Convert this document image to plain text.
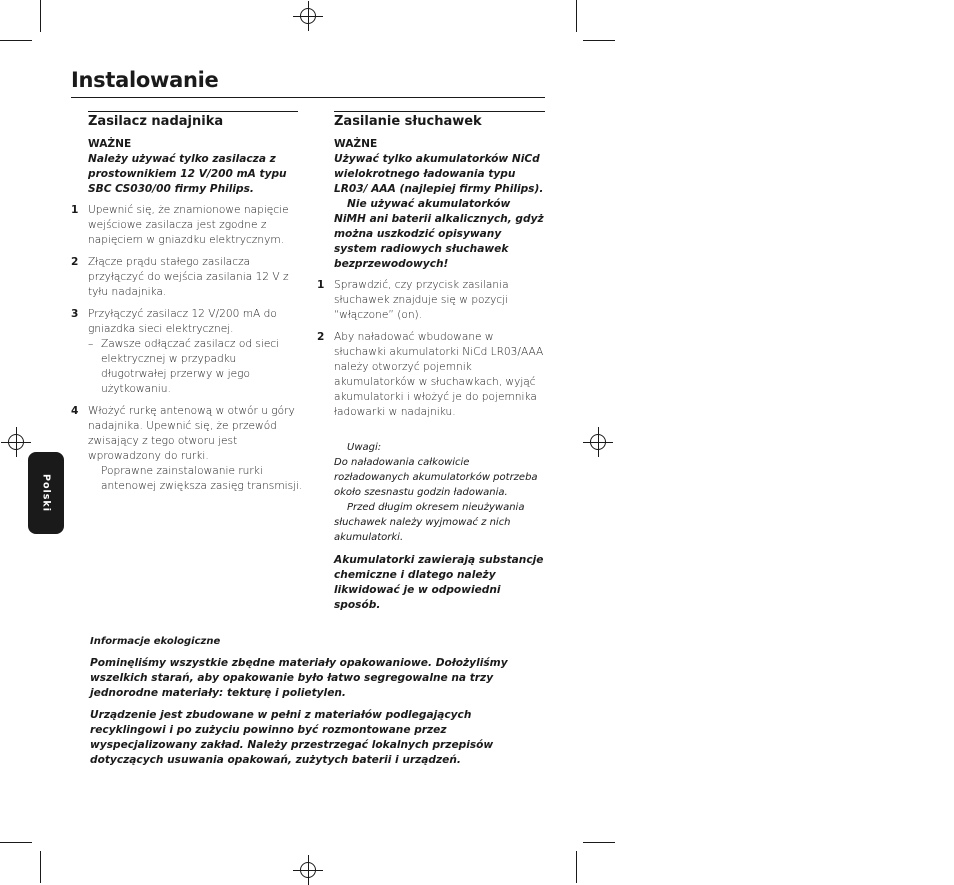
Instalowanie
Zasilacz nadajnika

WAŻNE

Należy używać tylko zasilacza z prostownikiem 12 V/200 mA typu SBC CS030/00 firmy Philips.

1 Upewnić się, że znamionowe napięcie wejściowe zasilacza jest zgodne z napięciem w gniazdku elektrycznym.
2 Złącze prądu stałego zasilacza przyłączyć do wejścia zasilania 12 V z tyłu nadajnika.
3 Przyłączyć zasilacz 12 V/200 mA do gniazdka sieci elektrycznej.
– Zawsze odłączać zasilacz od sieci elektrycznej w przypadku długotrwałej przerwy w jego użytkowaniu.
4 Włożyć rurkę antenową w otwór u góry nadajnika. Upewnić się, że przewód zwisający z tego otworu jest wprowadzony do rurki.

Poprawne zainstalowanie rurki antenowej zwiększa zasięg transmisji.

Zasilanie słuchawek

WAŻNE

Używać tylko akumulatorków NiCd wielokrotnego ładowania typu LR03/ AAA (najlepiej firmy Philips).

Nie używać akumulatorków NiMH ani baterii alkalicznych, gdyż można uszkodzić opisywany system radiowych słuchawek bezprzewodowych!

1 Sprawdzić, czy przycisk zasilania słuchawek znajduje się w pozycji “włączone” (on).
2 Aby naładować wbudowane w słuchawki akumulatorki NiCd LR03/AAA należy otworzyć pojemnik akumulatorków w słuchawkach, wyjąć akumulatorki i włożyć je do pojemnika ładowarki w nadajniku.

Uwagi:

Do naładowania całkowicie rozładowanych akumulatorków potrzeba około szesnastu godzin ładowania.

Przed długim okresem nieużywania słuchawek należy wyjmować z nich akumulatorki.

Akumulatorki zawierają substancje chemiczne i dlatego należy likwidować je w odpowiedni sposób.

Polski

Informacje ekologiczne

Pominęliśmy wszystkie zbędne materiały opakowaniowe. Dołożyliśmy wszelkich starań, aby opakowanie było łatwo segregowalne na trzy jednorodne materiały: tekturę i polietylen.

Urządzenie jest zbudowane w pełni z materiałów podlegających recyklingowi i po zużyciu powinno być rozmontowane przez wyspecjalizowany zakład. Należy przestrzegać lokalnych przepisów dotyczących usuwania opakowań, zużytych baterii i urządzeń.
